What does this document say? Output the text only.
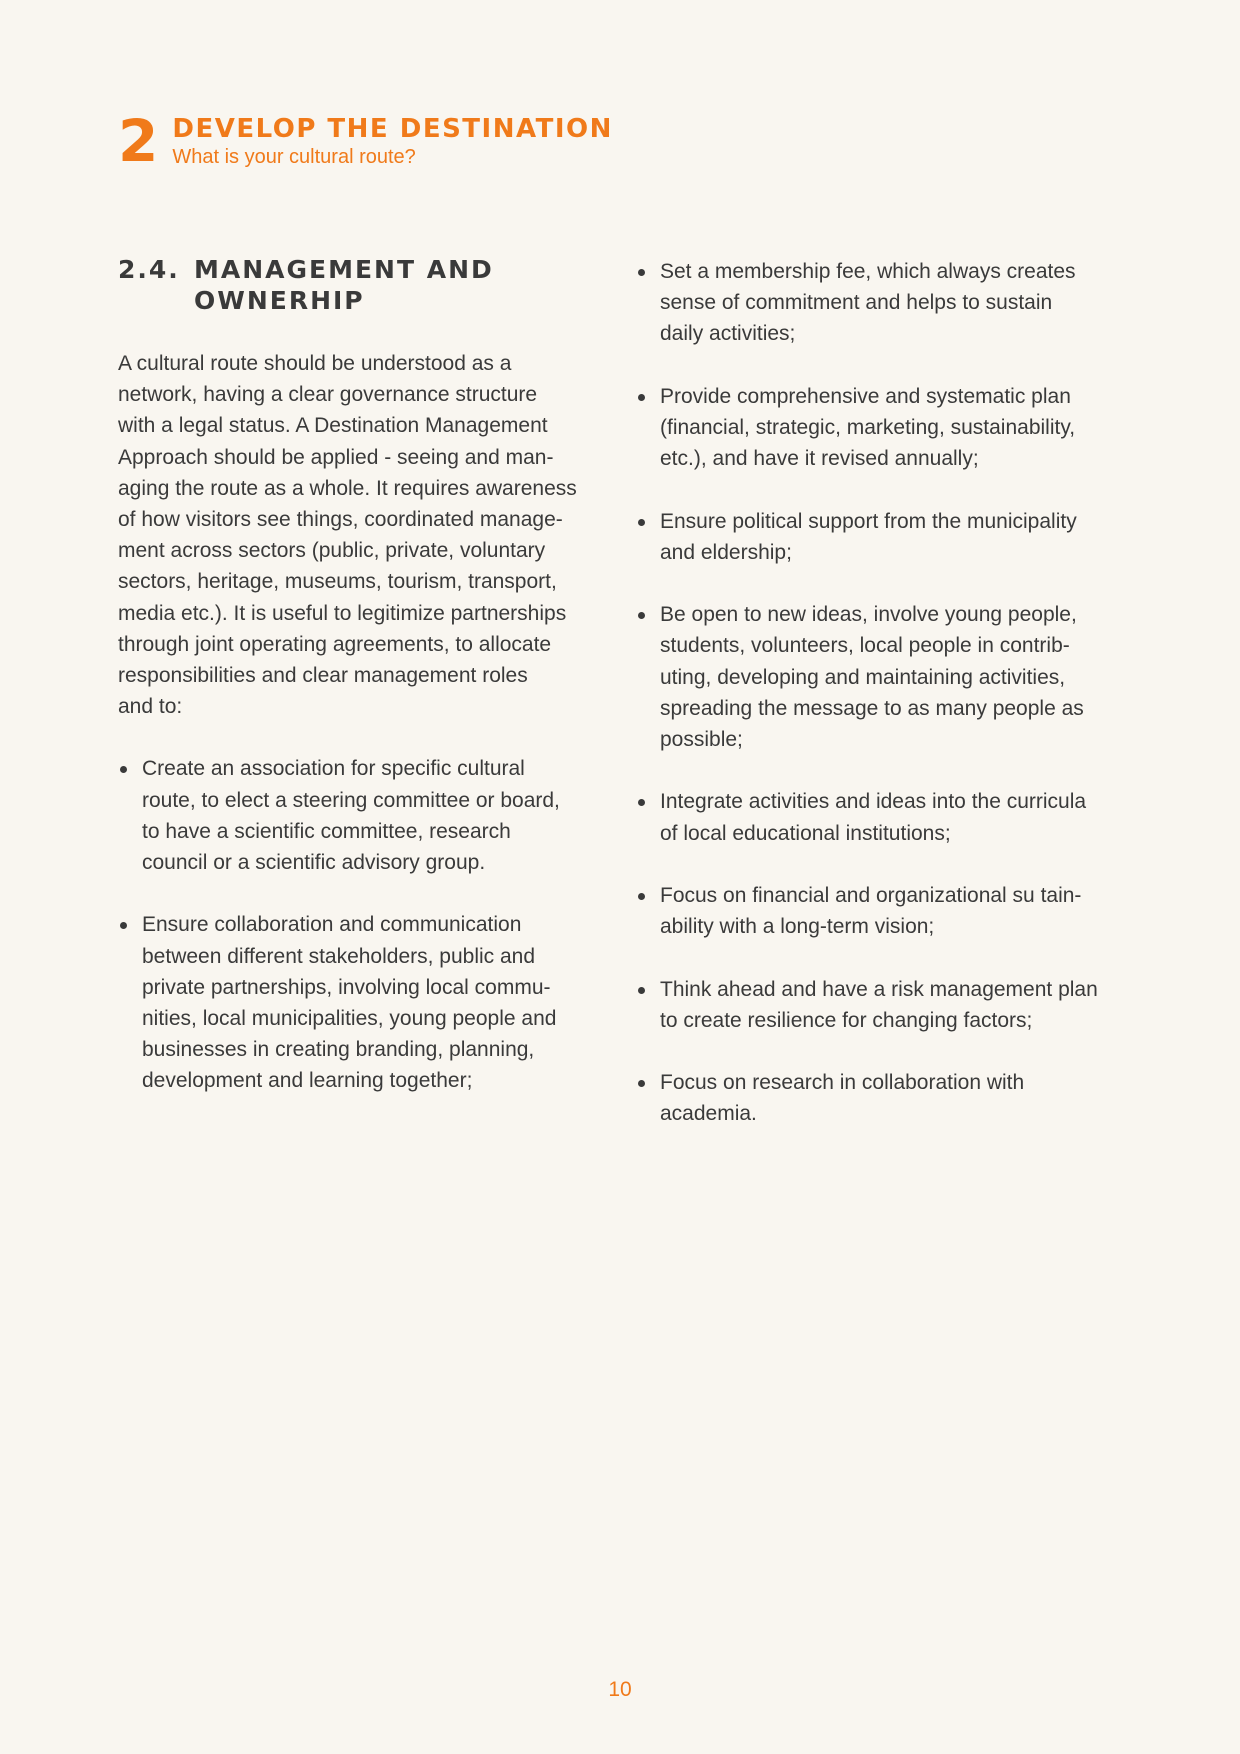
2 DEVELOP THE DESTINATION
What is your cultural route?
2.4. MANAGEMENT AND OWNERHIP

A cultural route should be understood as a
network, having a clear governance structure
with a legal status. A Destination Management
Approach should be applied - seeing and man-
aging the route as a whole. It requires awareness
of how visitors see things, coordinated manage-
ment across sectors (public, private, voluntary
sectors, heritage, museums, tourism, transport,
media etc.). It is useful to legitimize partnerships
through joint operating agreements, to allocate
responsibilities and clear management roles
and to:

Create an association for specific cultural
route, to elect a steering committee or board,
to have a scientific committee, research
council or a scientific advisory group.
Ensure collaboration and communication
between different stakeholders, public and
private partnerships, involving local commu-
nities, local municipalities, young people and
businesses in creating branding, planning,
development and learning together;
Set a membership fee, which always creates
sense of commitment and helps to sustain
daily activities;
Provide comprehensive and systematic plan
(financial, strategic, marketing, sustainability,
etc.), and have it revised annually;
Ensure political support from the municipality
and eldership;
Be open to new ideas, involve young people,
students, volunteers, local people in contrib-
uting, developing and maintaining activities,
spreading the message to as many people as
possible;
Integrate activities and ideas into the curricula
of local educational institutions;
Focus on financial and organizational su tain-
ability with a long-term vision;
Think ahead and have a risk management plan
to create resilience for changing factors;
Focus on research in collaboration with
academia.
10
